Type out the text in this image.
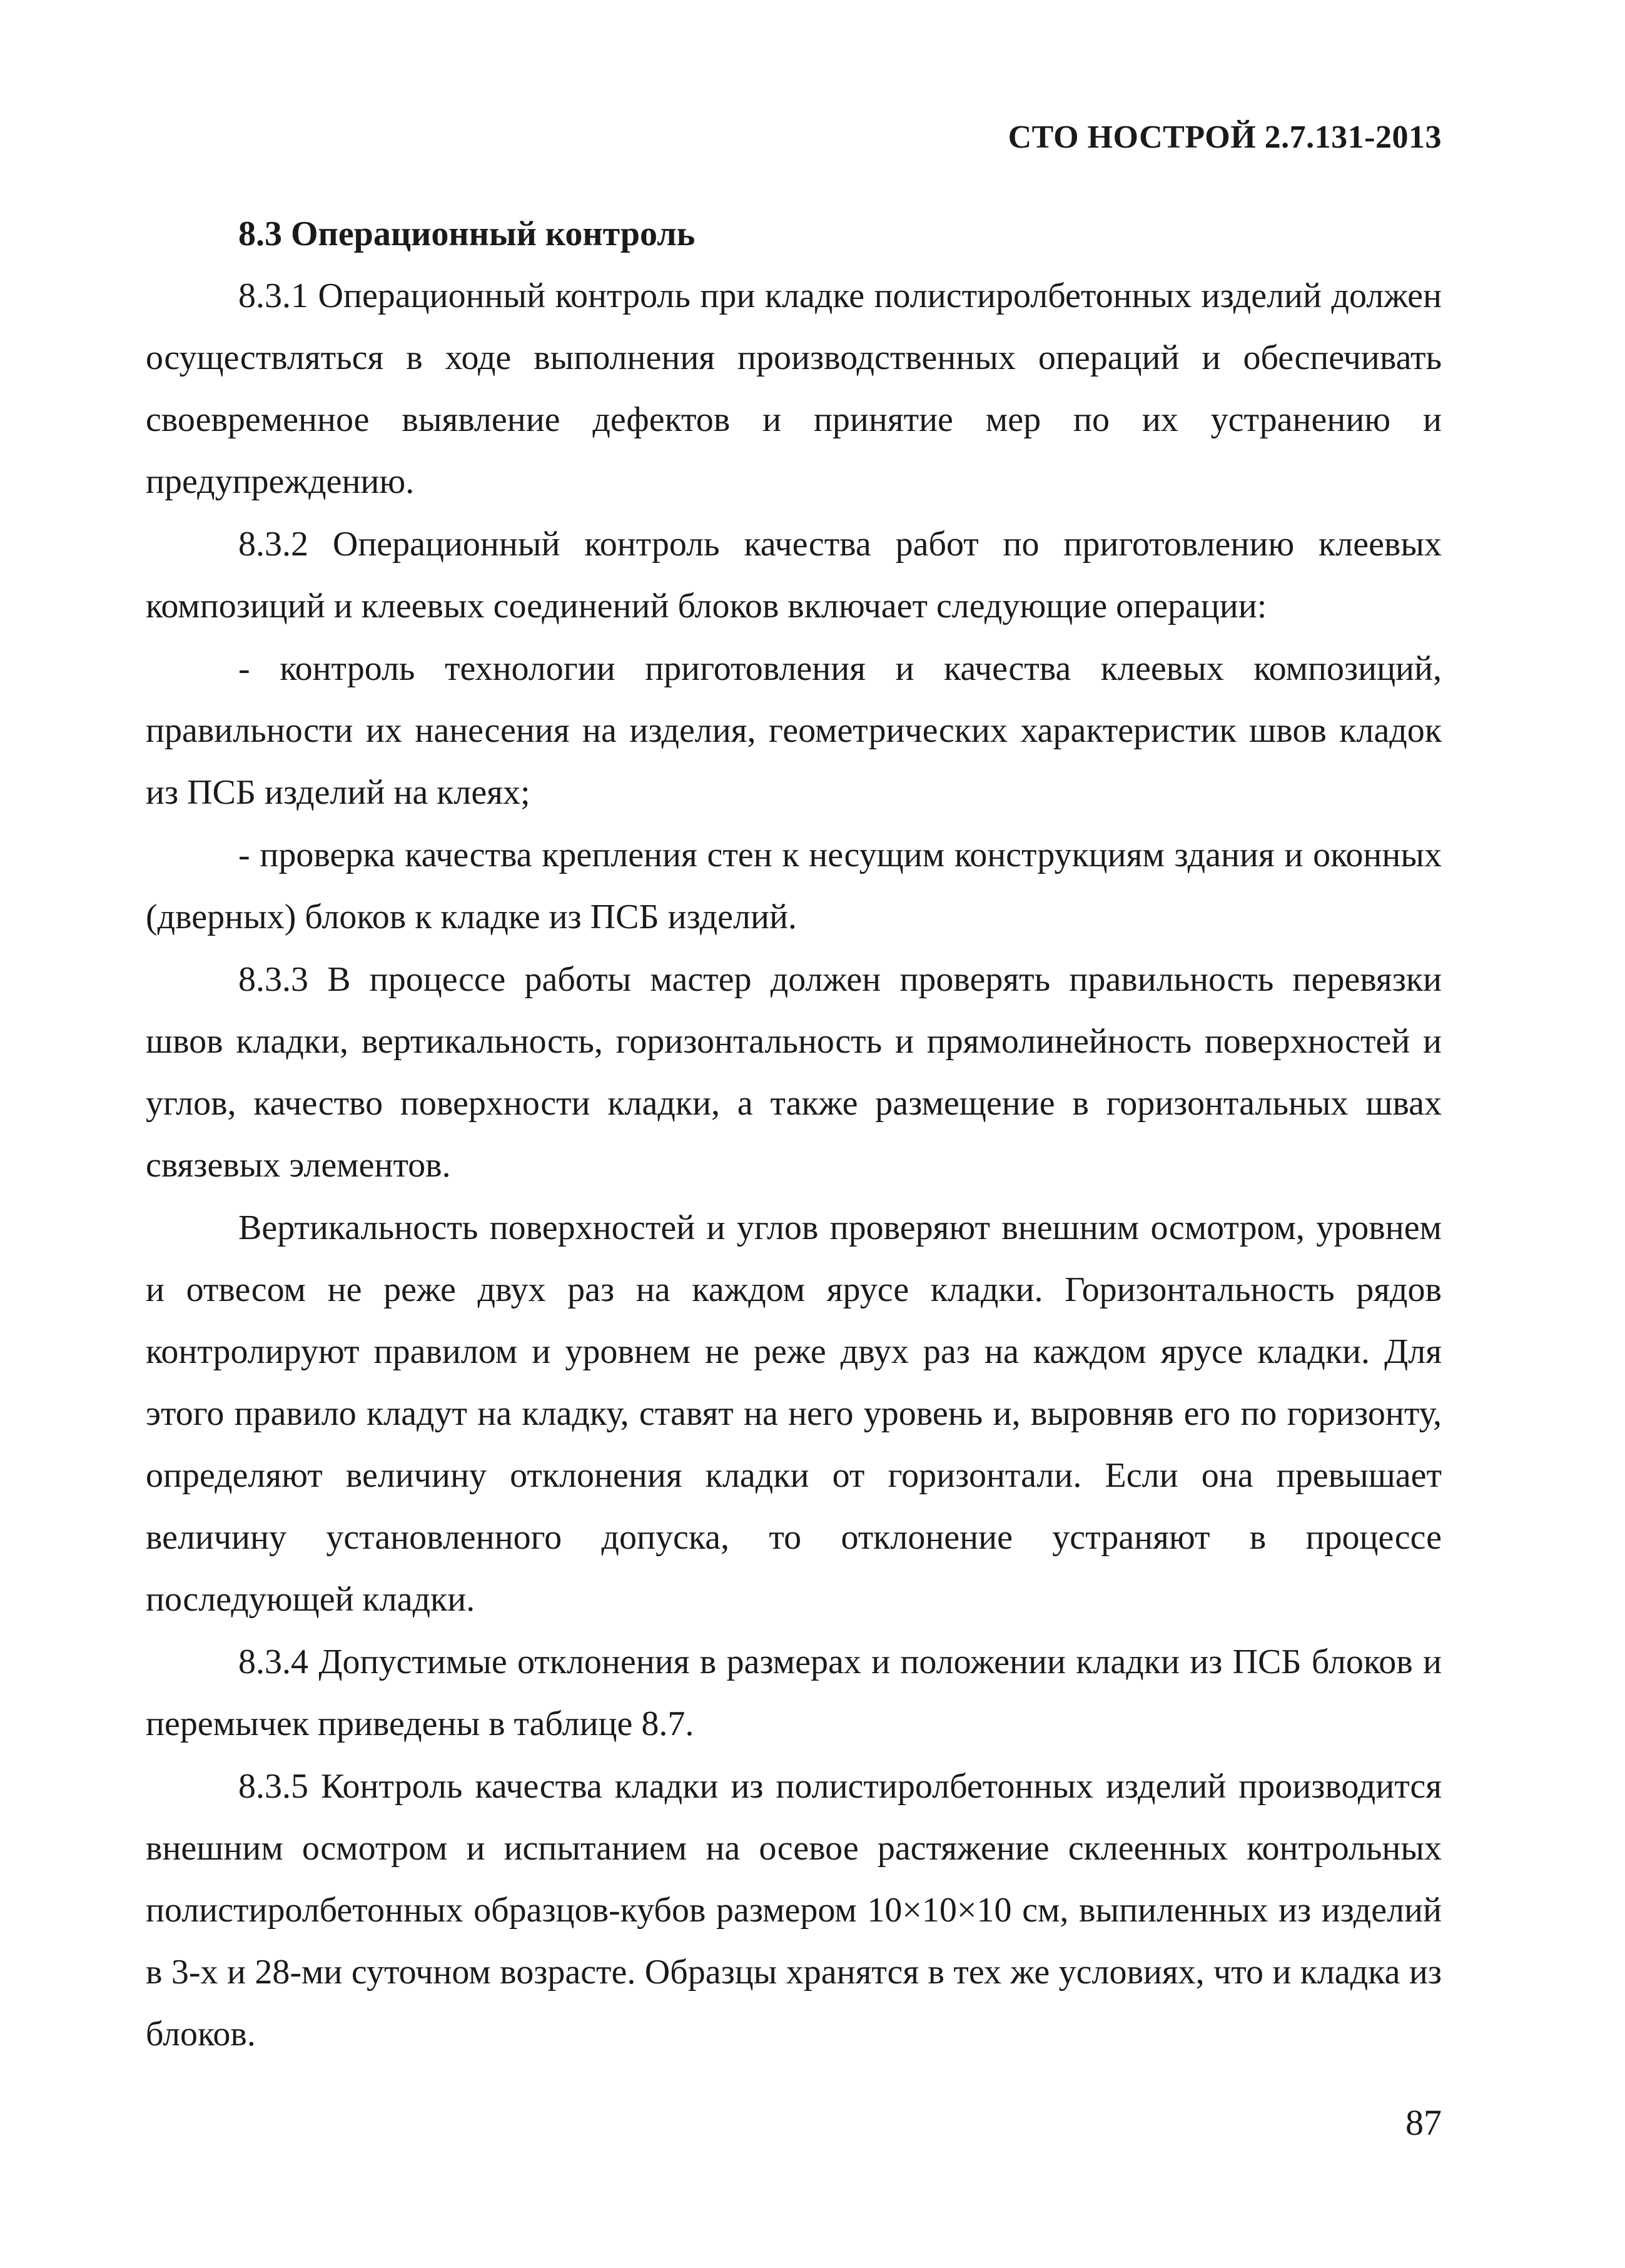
СТО НОСТРОЙ 2.7.131-2013
8.3 Операционный контроль

8.3.1 Операционный контроль при кладке полистиролбетонных изделий должен осуществляться в ходе выполнения производственных операций и обеспечивать своевременное выявление дефектов и принятие мер по их устранению и предупреждению.

8.3.2 Операционный контроль качества работ по приготовлению клеевых композиций и клеевых соединений блоков включает следующие операции:

- контроль технологии приготовления и качества клеевых композиций, правильности их нанесения на изделия, геометрических характеристик швов кладок из ПСБ изделий на клеях;

- проверка качества крепления стен к несущим конструкциям здания и оконных (дверных) блоков к кладке из ПСБ изделий.

8.3.3 В процессе работы мастер должен проверять правильность перевязки швов кладки, вертикальность, горизонтальность и прямолинейность поверхностей и углов, качество поверхности кладки, а также размещение в горизонтальных швах связевых элементов.

Вертикальность поверхностей и углов проверяют внешним осмотром, уровнем и отвесом не реже двух раз на каждом ярусе кладки. Горизонтальность рядов контролируют правилом и уровнем не реже двух раз на каждом ярусе кладки. Для этого правило кладут на кладку, ставят на него уровень и, выровняв его по горизонту, определяют величину отклонения кладки от горизонтали. Если она превышает величину установленного допуска, то отклонение устраняют в процессе последующей кладки.

8.3.4 Допустимые отклонения в размерах и положении кладки из ПСБ блоков и перемычек приведены в таблице 8.7.

8.3.5 Контроль качества кладки из полистиролбетонных изделий производится внешним осмотром и испытанием на осевое растяжение склеенных контрольных полистиролбетонных образцов-кубов размером 10×10×10 см, выпиленных из изделий в 3-х и 28-ми суточном возрасте. Образцы хранятся в тех же условиях, что и кладка из блоков.

87
